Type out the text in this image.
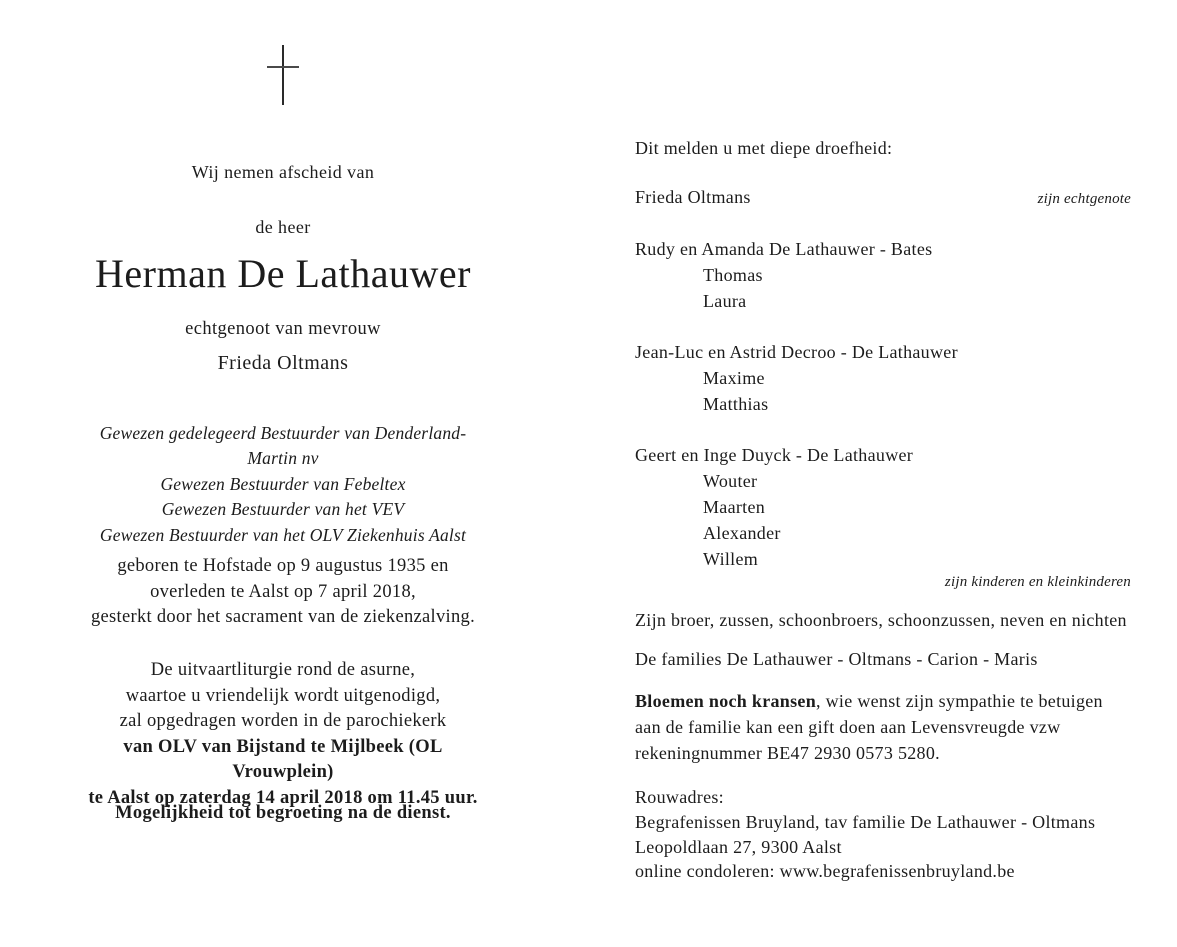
Wij nemen afscheid van
de heer
Herman De Lathauwer
echtgenoot van mevrouw
Frieda Oltmans
Gewezen gedelegeerd Bestuurder van Denderland-Martin nv
Gewezen Bestuurder van Febeltex
Gewezen Bestuurder van het VEV
Gewezen Bestuurder van het OLV Ziekenhuis Aalst
geboren te Hofstade op 9 augustus 1935 en
overleden te Aalst op 7 april 2018,
gesterkt door het sacrament van de ziekenzalving.
De uitvaartliturgie rond de asurne,
waartoe u vriendelijk wordt uitgenodigd,
zal opgedragen worden in de parochiekerk
van OLV van Bijstand te Mijlbeek (OL Vrouwplein)
te Aalst op zaterdag 14 april 2018 om 11.45 uur.
Mogelijkheid tot begroeting na de dienst.
Dit melden u met diepe droefheid:
Frieda Oltmans	zijn echtgenote
Rudy en Amanda De Lathauwer - Bates
Thomas
Laura
Jean-Luc en Astrid Decroo - De Lathauwer
Maxime
Matthias
Geert en Inge Duyck - De Lathauwer
Wouter
Maarten
Alexander
Willem
zijn kinderen en kleinkinderen
Zijn broer, zussen, schoonbroers, schoonzussen, neven en nichten
De families De Lathauwer - Oltmans - Carion - Maris
Bloemen noch kransen, wie wenst zijn sympathie te betuigen
aan de familie kan een gift doen aan Levensvreugde vzw
rekeningnummer BE47 2930 0573 5280.
Rouwadres:
Begrafenissen Bruyland, tav familie De Lathauwer - Oltmans
Leopoldlaan 27, 9300 Aalst
online condoleren: www.begrafenissenbruyland.be
